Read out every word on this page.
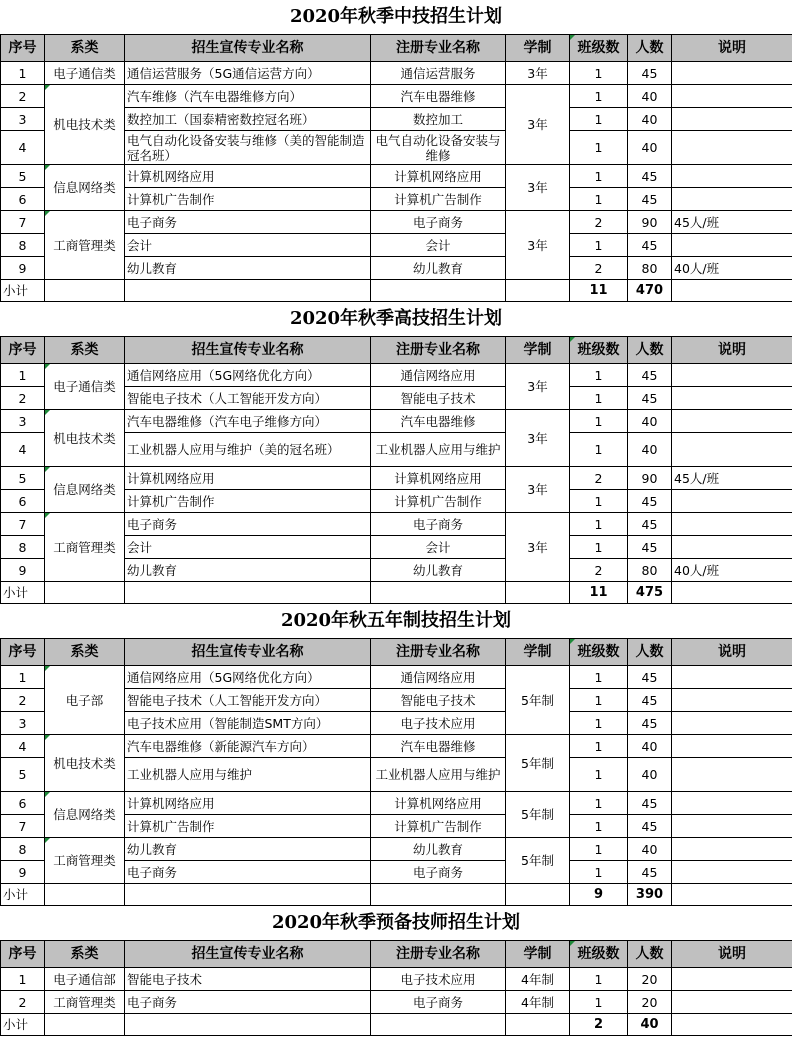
2020年秋季中技招生计划
序号	系类	招生宣传专业名称	注册专业名称	学制	班级数	人数	说明
1	电子通信类	通信运营服务（5G通信运营方向）	通信运营服务	3年	1	45	
2	机电技术类	汽车维修（汽车电器维修方向）	汽车电器维修	3年	1	40	
3		数控加工（国泰精密数控冠名班）	数控加工		1	40	
4		电气自动化设备安装与维修（美的智能制造冠名班）	电气自动化设备安装与维修		1	40	
5	信息网络类	计算机网络应用	计算机网络应用	3年	1	45	
6		计算机广告制作	计算机广告制作		1	45	
7	工商管理类	电子商务	电子商务	3年	2	90	45人/班
8		会计	会计		1	45	
9		幼儿教育	幼儿教育		2	80	40人/班
小计					11	470	
2020年秋季高技招生计划
序号	系类	招生宣传专业名称	注册专业名称	学制	班级数	人数	说明
1	电子通信类	通信网络应用（5G网络优化方向）	通信网络应用	3年	1	45	
2		智能电子技术（人工智能开发方向）	智能电子技术		1	45	
3	机电技术类	汽车电器维修（汽车电子维修方向）	汽车电器维修	3年	1	40	
4		工业机器人应用与维护（美的冠名班）	工业机器人应用与维护		1	40	
5	信息网络类	计算机网络应用	计算机网络应用	3年	2	90	45人/班
6		计算机广告制作	计算机广告制作		1	45	
7	工商管理类	电子商务	电子商务	3年	1	45	
8		会计	会计		1	45	
9		幼儿教育	幼儿教育		2	80	40人/班
小计					11	475	
2020年秋五年制技招生计划
序号	系类	招生宣传专业名称	注册专业名称	学制	班级数	人数	说明
1	电子部	通信网络应用（5G网络优化方向）	通信网络应用	5年制	1	45	
2		智能电子技术（人工智能开发方向）	智能电子技术		1	45	
3		电子技术应用（智能制造SMT方向）	电子技术应用		1	45	
4	机电技术类	汽车电器维修（新能源汽车方向）	汽车电器维修	5年制	1	40	
5		工业机器人应用与维护	工业机器人应用与维护		1	40	
6	信息网络类	计算机网络应用	计算机网络应用	5年制	1	45	
7		计算机广告制作	计算机广告制作		1	45	
8	工商管理类	幼儿教育	幼儿教育	5年制	1	40	
9		电子商务	电子商务		1	45	
小计					9	390	
2020年秋季预备技师招生计划
序号	系类	招生宣传专业名称	注册专业名称	学制	班级数	人数	说明
1	电子通信部	智能电子技术	电子技术应用	4年制	1	20	
2	工商管理类	电子商务	电子商务	4年制	1	20	
小计					2	40	
